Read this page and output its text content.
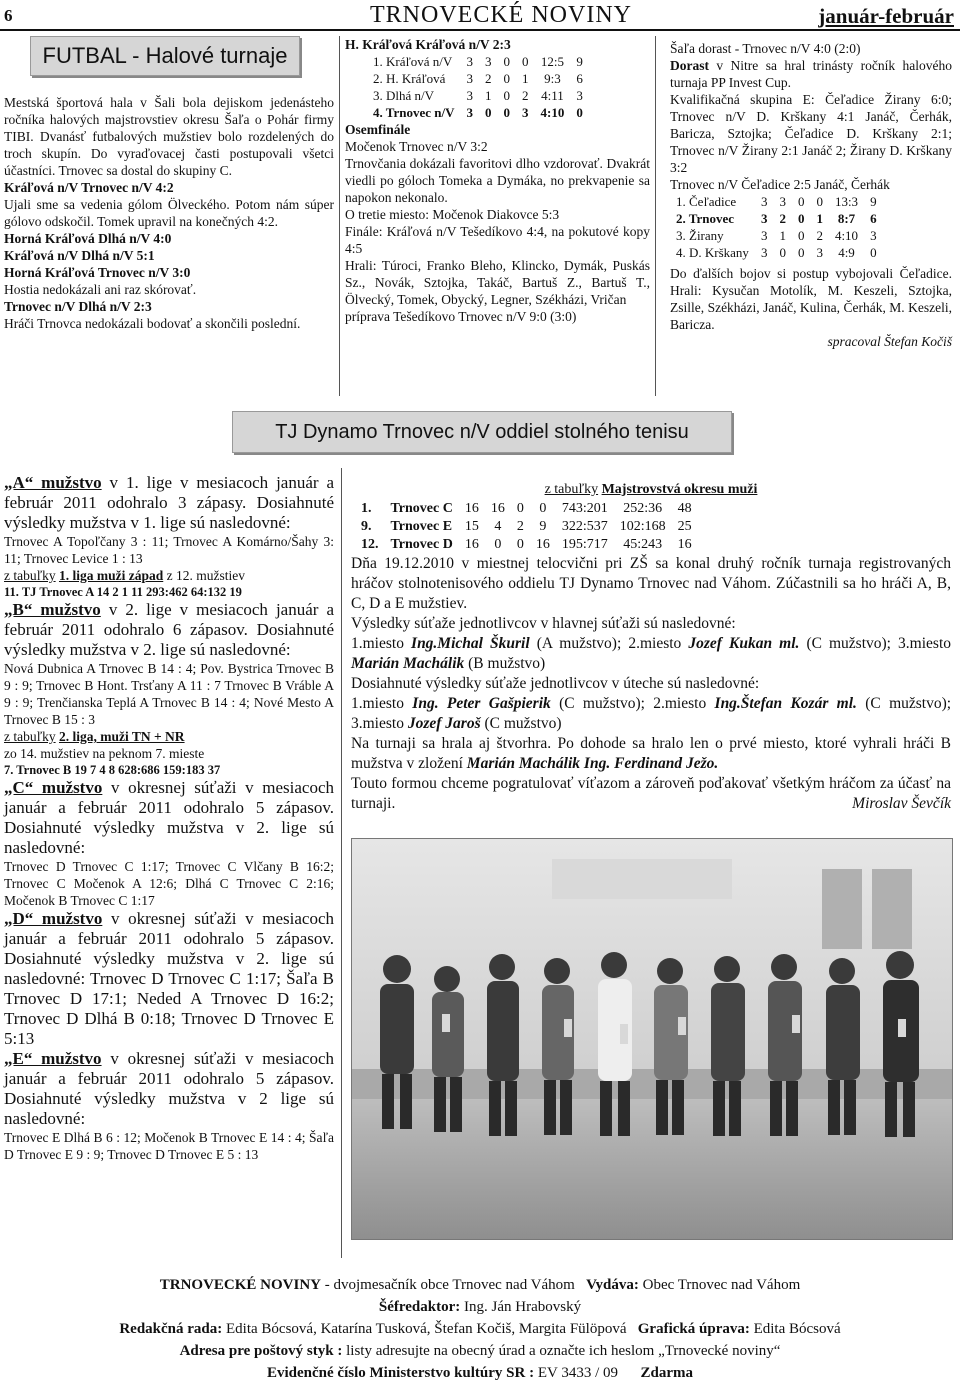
6	TRNOVECKÉ NOVINY	január-február
FUTBAL - Halové turnaje

Mestská športová hala v Šali bola dejiskom jedenásteho ročníka halových majstrovstiev okresu Šaľa o Pohár firmy TIBI. Dvanásť futbalových mužstiev bolo rozdelených do troch skupín. Do vyraďovacej časti postupovali všetci účastníci. Trnovec sa dostal do skupiny C.

Kráľová n/V Trnovec n/V 4:2

Ujali sme sa vedenia gólom Ölveckého. Potom nám súper gólovo odskočil. Tomek upravil na konečných 4:2.

Horná Kráľová Dlhá n/V 4:0

Kráľová n/V Dlhá n/V 5:1

Horná Kráľová Trnovec n/V 3:0

Hostia nedokázali ani raz skórovať.

Trnovec n/V Dlhá n/V 2:3

Hráči Trnovca nedokázali bodovať a skončili poslední.

H. Kráľová Kráľová n/V 2:3

1. Kráľová n/V	3	3	0	0	12:5	9
2. H. Kráľová	3	2	0	1	9:3	6
3. Dlhá n/V	3	1	0	2	4:11	3
4. Trnovec n/V	3	0	0	3	4:10	0

Osemfinále

Močenok Trnovec n/V 3:2

Trnovčania dokázali favoritovi dlho vzdorovať. Dvakrát viedli po góloch Tomeka a Dymáka, no prekvapenie sa napokon nekonalo.

O tretie miesto: Močenok Diakovce 5:3

Finále: Kráľová n/V Tešedíkovo 4:4, na pokutové kopy 4:5

Hrali: Túroci, Franko Bleho, Klincko, Dymák, Puskás Sz., Novák, Sztojka, Takáč, Bartuš Z., Bartuš T., Ölvecký, Tomek, Obycký, Legner, Székházi, Vričan

príprava Tešedíkovo Trnovec n/V 9:0 (3:0)

Šaľa dorast - Trnovec n/V 4:0 (2:0)

Dorast v Nitre sa hral trinásty ročník halového turnaja PP Invest Cup.

Kvalifikačná skupina E: Čeľadice Žirany 6:0; Trnovec n/V D. Krškany 4:1 Janáč, Čerhák, Baricza, Sztojka; Čeľadice D. Krškany 2:1; Trnovec n/V Žirany 2:1 Janáč 2; Žirany D. Krškany 3:2

Trnovec n/V Čeľadice 2:5 Janáč, Čerhák

1. Čeľadice	3	3	0	0	13:3	9
2. Trnovec	3	2	0	1	8:7	6
3. Žirany	3	1	0	2	4:10	3
4. D. Krškany	3	0	0	3	4:9	0

Do ďalších bojov si postup vybojovali Čeľadice. Hrali: Kysučan Motolík, M. Keszeli, Sztojka, Zsille, Székházi, Janáč, Kulina, Čerhák, M. Keszeli, Baricza.

spracoval Štefan Kočiš

TJ Dynamo Trnovec n/V oddiel stolného tenisu

„A“ mužstvo v 1. lige v mesiacoch január a február 2011 odohralo 3 zápasy. Dosiahnuté výsledky mužstva v 1. lige sú nasledovné:

Trnovec A Topoľčany 3 : 11; Trnovec A Komárno/Šahy 3: 11; Trnovec Levice 1 : 13

z tabuľky 1. liga muži západ z 12. mužstiev

11. TJ Trnovec A 14 2 1 11 293:462 64:132 19

„B“ mužstvo v 2. lige v mesiacoch január a február 2011 odohralo 6 zápasov. Dosiahnuté výsledky mužstva v 2. lige sú nasledovné:

Nová Dubnica A Trnovec B 14 : 4; Pov. Bystrica Trnovec B 9 : 9; Trnovec B Hont. Trsťany A 11 : 7 Trnovec B Vráble A 9 : 9; Trenčianska Teplá A Trnovec B 14 : 4; Nové Mesto A Trnovec B 15 : 3

z tabuľky 2. liga, muži TN + NR

zo 14. mužstiev na peknom 7. mieste

7. Trnovec B 19 7 4 8 628:686 159:183 37

„C“ mužstvo v okresnej súťaži v mesiacoch január a február 2011 odohralo 5 zápasov. Dosiahnuté výsledky mužstva v 2. lige sú nasledovné:

Trnovec D Trnovec C 1:17; Trnovec C Vlčany B 16:2; Trnovec C Močenok A 12:6; Dlhá C Trnovec C 2:16; Močenok B Trnovec C 1:17

„D“ mužstvo v okresnej súťaži v mesiacoch január a február 2011 odohralo 5 zápasov. Dosiahnuté výsledky mužstva v 2. lige sú nasledovné: Trnovec D Trnovec C 1:17; Šaľa B Trnovec D 17:1; Neded A Trnovec D 16:2; Trnovec D Dlhá B 0:18; Trnovec D Trnovec E 5:13

„E“ mužstvo v okresnej súťaži v mesiacoch január a február 2011 odohralo 5 zápasov. Dosiahnuté výsledky mužstva v 2 lige sú nasledovné:

Trnovec E Dlhá B 6 : 12; Močenok B Trnovec E 14 : 4; Šaľa D Trnovec E 9 : 9; Trnovec D Trnovec E 5 : 13

z tabuľky Majstrovstvá okresu muži

1.	Trnovec C	16	16	0	0	743:201	252:36	48
9.	Trnovec E	15	4	2	9	322:537	102:168	25
12.	Trnovec D	16	0	0	16	195:717	45:243	16

Dňa 19.12.2010 v miestnej telocvični pri ZŠ sa konal druhý ročník turnaja registrovaných hráčov stolnotenisového oddielu TJ Dynamo Trnovec nad Váhom. Zúčastnili sa ho hráči A, B, C, D a E mužstiev.

Výsledky súťaže jednotlivcov v hlavnej súťaži sú nasledovné:

1.miesto Ing.Michal Škuril (A mužstvo); 2.miesto Jozef Kukan ml. (C mužstvo); 3.miesto Marián Machálik (B mužstvo)

Dosiahnuté výsledky súťaže jednotlivcov v úteche sú nasledovné:

1.miesto Ing. Peter Gašpierik (C mužstvo); 2.miesto Ing.Štefan Kozár ml. (C mužstvo); 3.miesto Jozef Jaroš (C mužstvo)

Na turnaji sa hrala aj štvorhra. Po dohode sa hralo len o prvé miesto, ktoré vyhrali hráči B mužstva v zložení Marián Machálik Ing. Ferdinand Ježo.

Touto formou chceme pogratulovať víťazom a zároveň poďakovať všetkým hráčom za účasť na turnaji.	Miroslav Ševčík

TRNOVECKÉ NOVINY - dvojmesačník obce Trnovec nad Váhom Vydáva: Obec Trnovec nad Váhom
Šéfredaktor: Ing. Ján Hrabovský
Redakčná rada: Edita Bócsová, Katarína Tusková, Štefan Kočiš, Margita Fülöpová Grafická úprava: Edita Bócsová
Adresa pre poštový styk : listy adresujte na obecný úrad a označte ich heslom „Trnovecké noviny“
Evidenčné číslo Ministerstvo kultúry SR : EV 3433 / 09 Zdarma
